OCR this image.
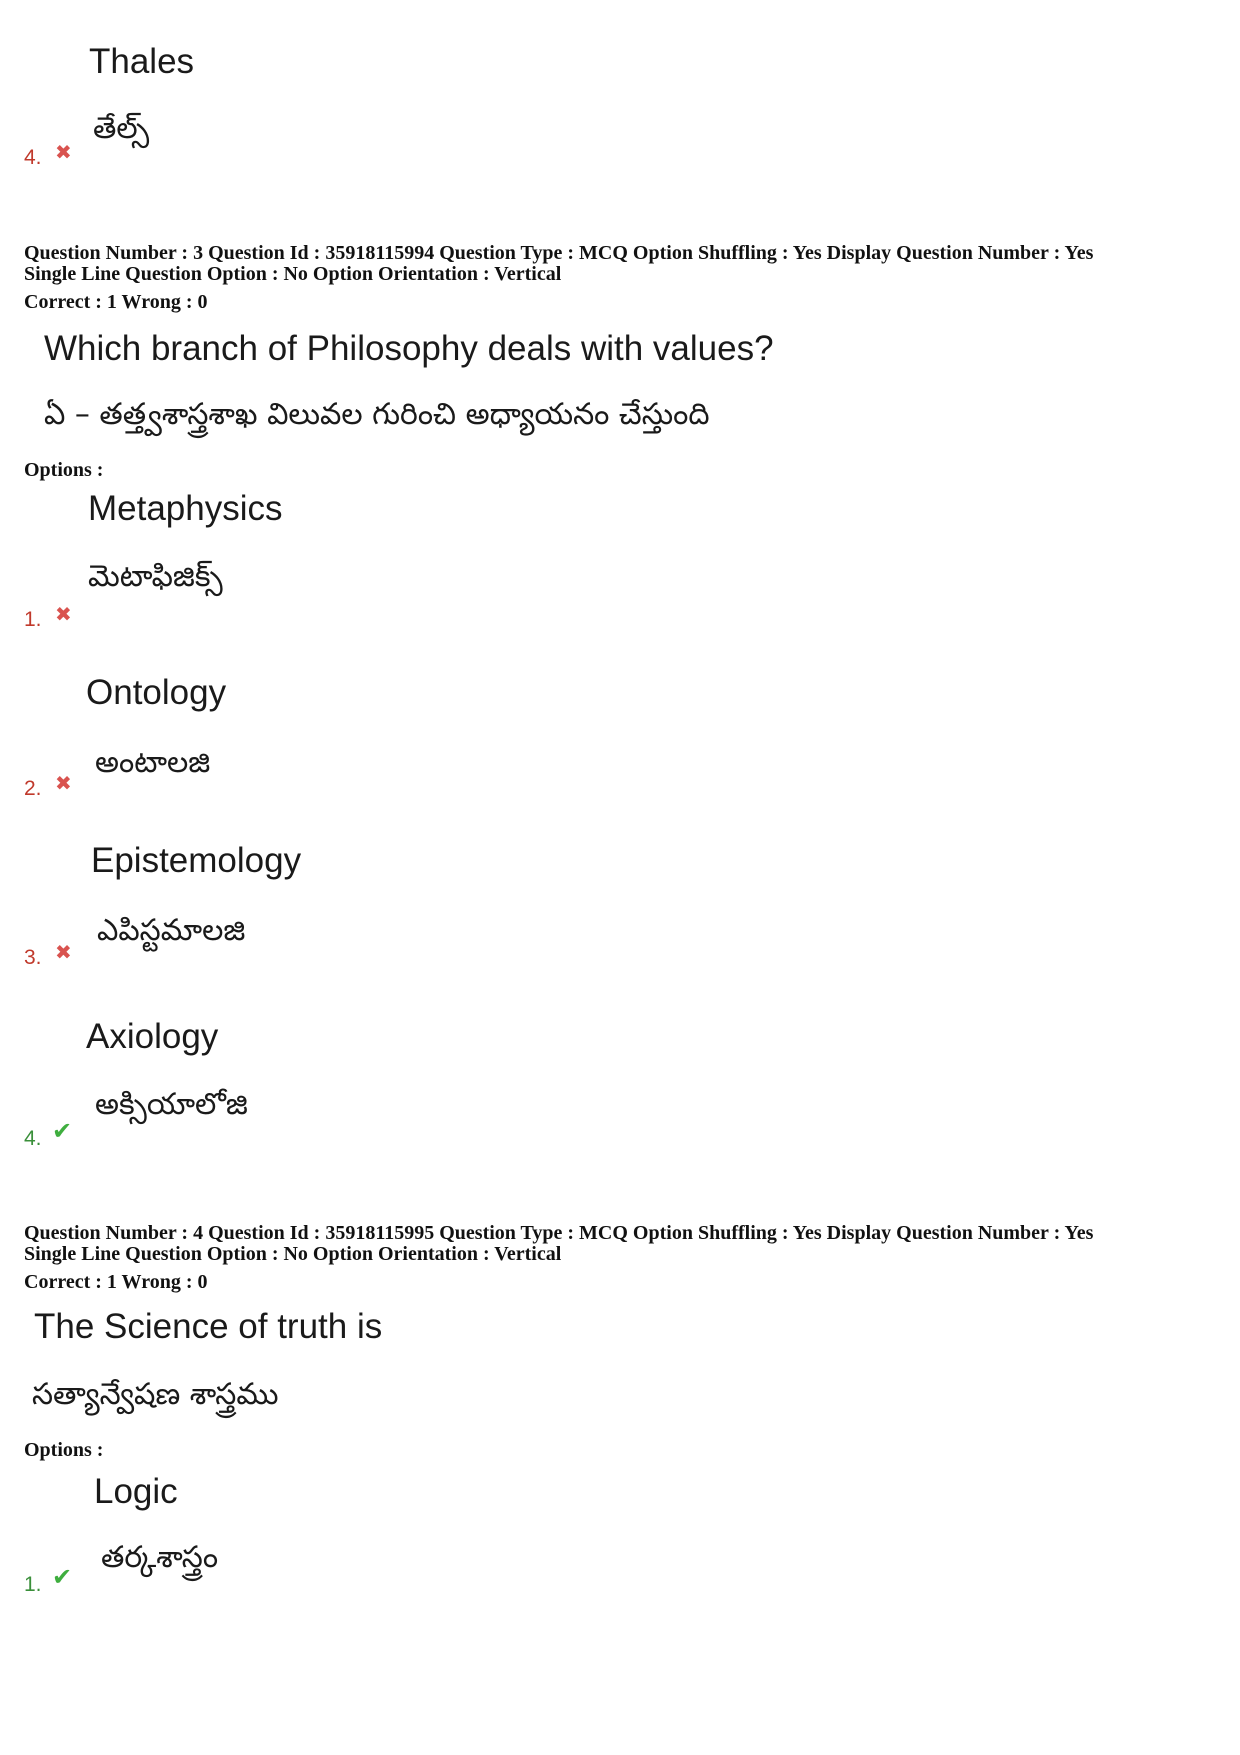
Thales
తేల్స్
4. ✖
Question Number : 3 Question Id : 35918115994 Question Type : MCQ Option Shuffling : Yes Display Question Number : Yes
Single Line Question Option : No Option Orientation : Vertical
Correct : 1 Wrong : 0
Which branch of Philosophy deals with values?
ఏ – తత్త్వశాస్త్రశాఖ విలువల గురించి అధ్యాయనం చేస్తుంది
Options :
Metaphysics
మెటాఫిజిక్స్
1. ✖
Ontology
అంటాలజి
2. ✖
Epistemology
ఎపిస్టమాలజి
3. ✖
Axiology
అక్సియాలోజి
4. ✔
Question Number : 4 Question Id : 35918115995 Question Type : MCQ Option Shuffling : Yes Display Question Number : Yes
Single Line Question Option : No Option Orientation : Vertical
Correct : 1 Wrong : 0
The Science of truth is
సత్యాన్వేషణ శాస్త్రము
Options :
Logic
తర్కశాస్త్రం
1. ✔
